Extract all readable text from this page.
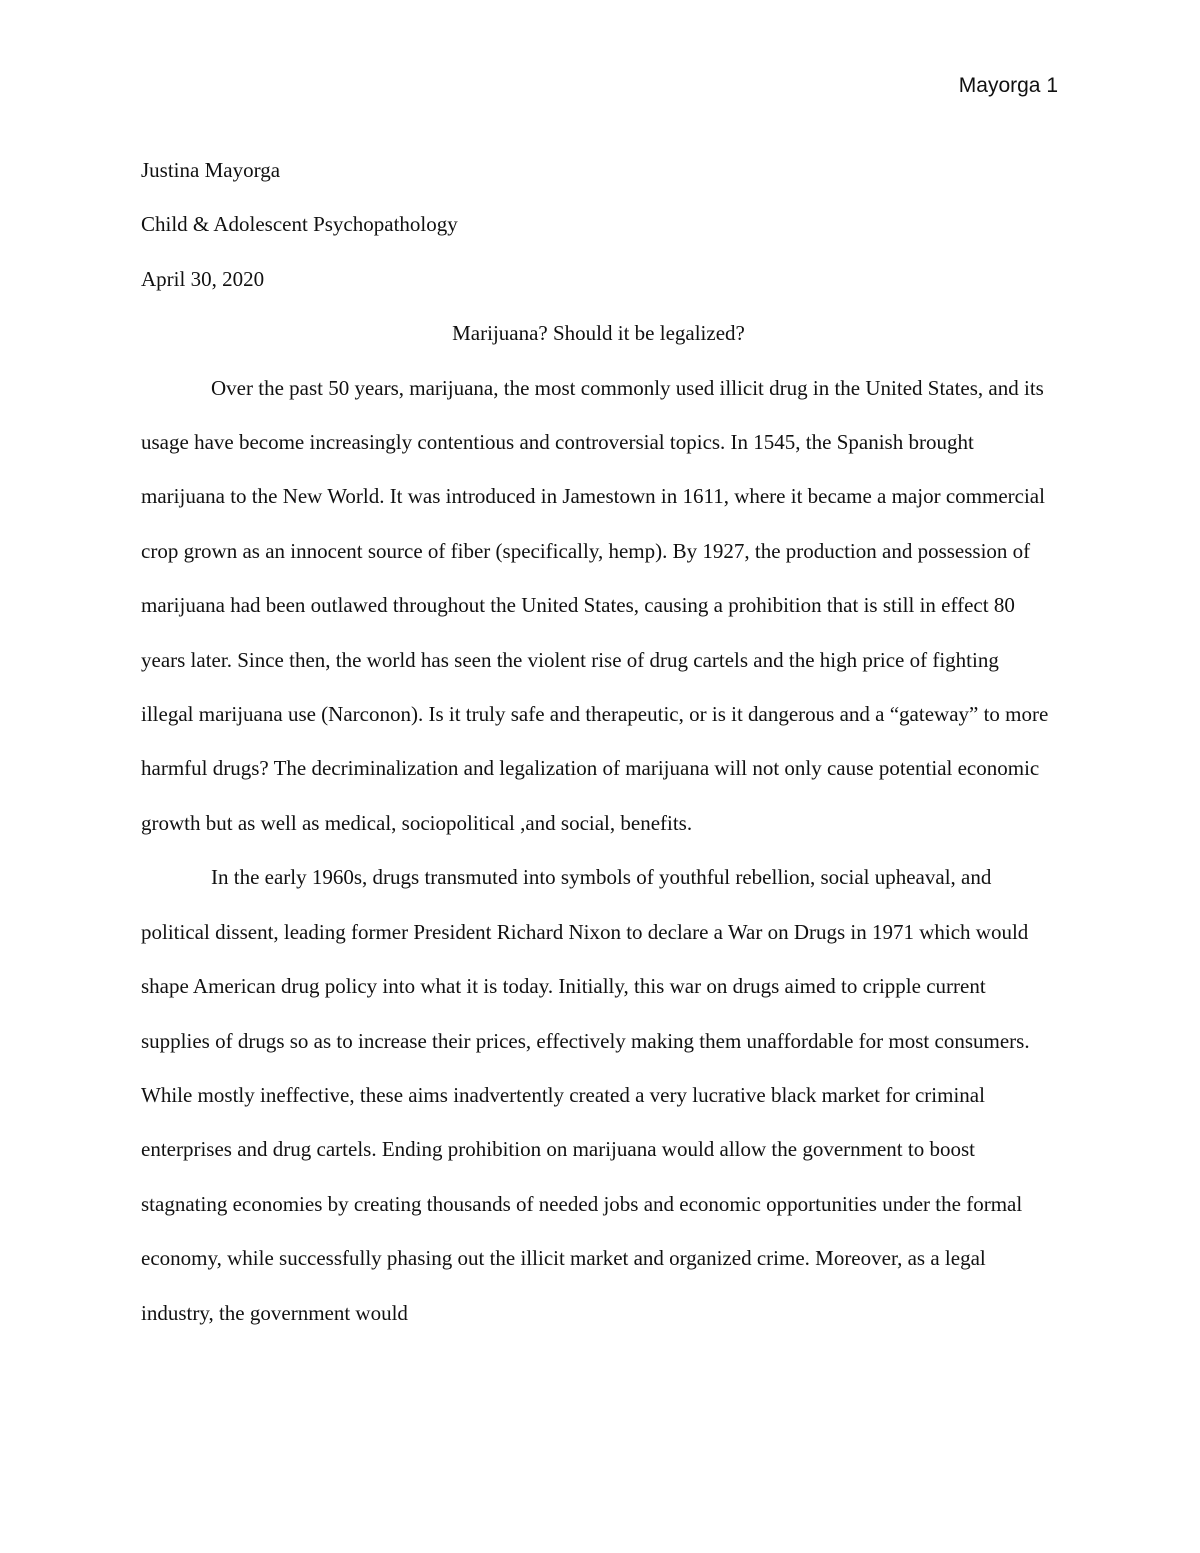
Mayorga 1

Justina Mayorga

Child & Adolescent Psychopathology

April 30, 2020

Marijuana? Should it be legalized?

Over the past 50 years, marijuana, the most commonly used illicit drug in the United States, and its usage have become increasingly contentious and controversial topics. In 1545, the Spanish brought marijuana to the New World. It was introduced in Jamestown in 1611, where it became a major commercial crop grown as an innocent source of fiber (specifically, hemp). By 1927, the production and possession of marijuana had been outlawed throughout the United States, causing a prohibition that is still in effect 80 years later. Since then, the world has seen the violent rise of drug cartels and the high price of fighting illegal marijuana use (Narconon). Is it truly safe and therapeutic, or is it dangerous and a “gateway” to more harmful drugs? The decriminalization and legalization of marijuana will not only cause potential economic growth but as well as medical, sociopolitical ,and social, benefits.

In the early 1960s, drugs transmuted into symbols of youthful rebellion, social upheaval, and political dissent, leading former President Richard Nixon to declare a War on Drugs in 1971 which would shape American drug policy into what it is today. Initially, this war on drugs aimed to cripple current supplies of drugs so as to increase their prices, effectively making them unaffordable for most consumers. While mostly ineffective, these aims inadvertently created a very lucrative black market for criminal enterprises and drug cartels. Ending prohibition on marijuana would allow the government to boost stagnating economies by creating thousands of needed jobs and economic opportunities under the formal economy, while successfully phasing out the illicit market and organized crime. Moreover, as a legal industry, the government would
